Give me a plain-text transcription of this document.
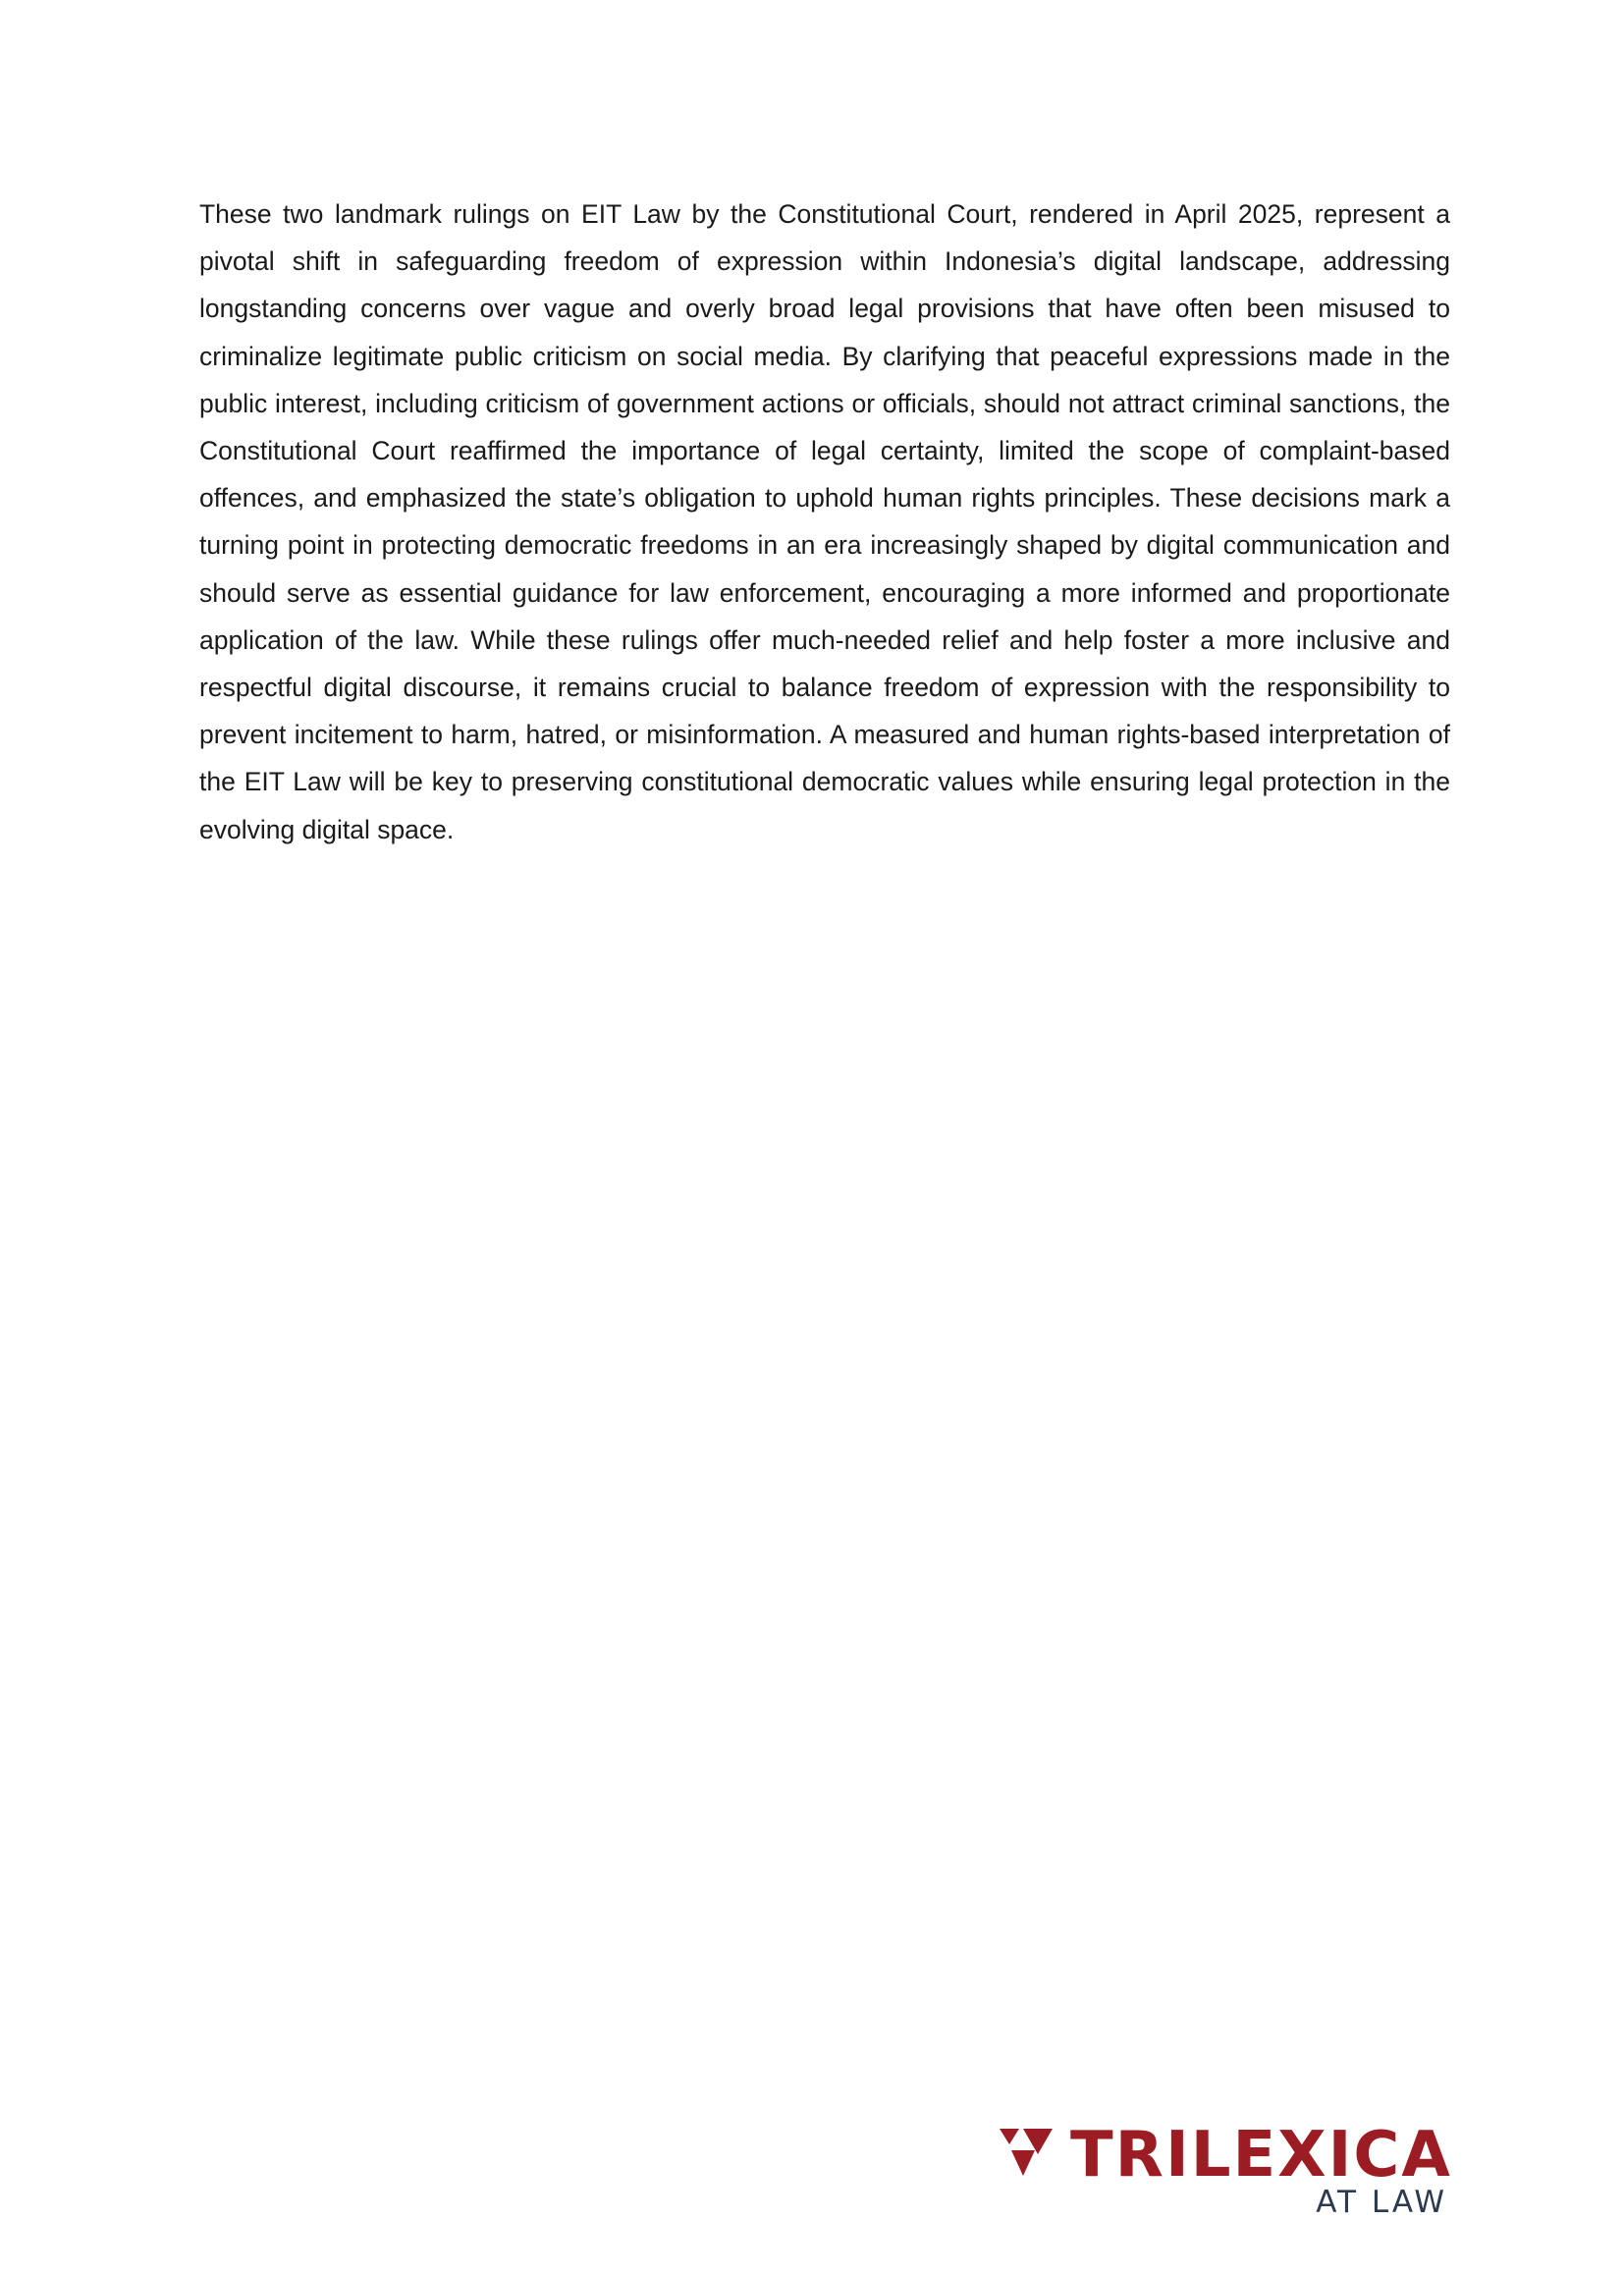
These two landmark rulings on EIT Law by the Constitutional Court, rendered in April 2025, represent a pivotal shift in safeguarding freedom of expression within Indonesia’s digital landscape, addressing longstanding concerns over vague and overly broad legal provisions that have often been misused to criminalize legitimate public criticism on social media. By clarifying that peaceful expressions made in the public interest, including criticism of government actions or officials, should not attract criminal sanctions, the Constitutional Court reaffirmed the importance of legal certainty, limited the scope of complaint-based offences, and emphasized the state’s obligation to uphold human rights principles. These decisions mark a turning point in protecting democratic freedoms in an era increasingly shaped by digital communication and should serve as essential guidance for law enforcement, encouraging a more informed and proportionate application of the law. While these rulings offer much-needed relief and help foster a more inclusive and respectful digital discourse, it remains crucial to balance freedom of expression with the responsibility to prevent incitement to harm, hatred, or misinformation. A measured and human rights-based interpretation of the EIT Law will be key to preserving constitutional democratic values while ensuring legal protection in the evolving digital space.

TRILEXICA
AT LAW
